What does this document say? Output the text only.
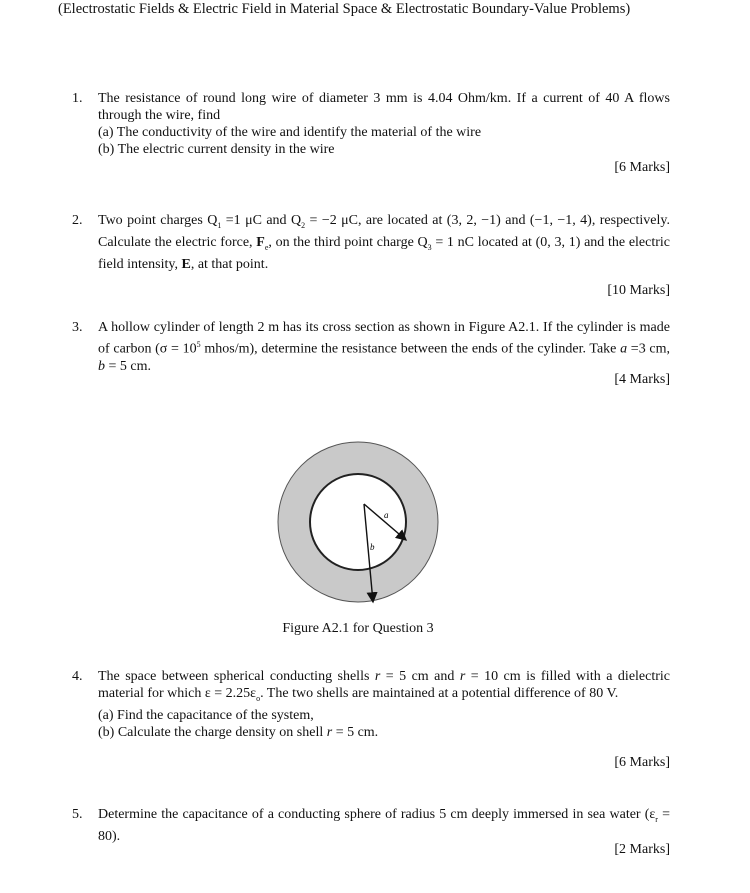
(Electrostatic Fields & Electric Field in Material Space & Electrostatic Boundary-Value Problems)
1.	The resistance of round long wire of diameter 3 mm is 4.04 Ohm/km. If a current of 40 A flows through the wire, find

(a) The conductivity of the wire and identify the material of the wire

(b) The electric current density in the wire

[6 Marks]
2.	Two point charges $Q_1 =1$ μC and $Q_2 = -2$ μC, are located at (3, 2, −1) and (−1, −1, 4), respectively. Calculate the electric force, $F_e$, on the third point charge $Q_3 = 1$ nC located at (0, 3, 1) and the electric field intensity, E, at that point.

[10 Marks]
3.	A hollow cylinder of length 2 m has its cross section as shown in Figure A2.1. If the cylinder is made of carbon ($\sigma = 10^5$ mhos/m), determine the resistance between the ends of the cylinder. Take a =3 cm, b = 5 cm.

[4 Marks]
a
b
Figure A2.1 for Question 3
4.	The space between spherical conducting shells r = 5 cm and r = 10 cm is filled with a dielectric material for which $\varepsilon = 2.25\varepsilon_o$. The two shells are maintained at a potential difference of 80 V.

(a) Find the capacitance of the system,

(b) Calculate the charge density on shell r = 5 cm.

[6 Marks]
5.	Determine the capacitance of a conducting sphere of radius 5 cm deeply immersed in sea water $(\varepsilon_r = 80)$.

[2 Marks]
